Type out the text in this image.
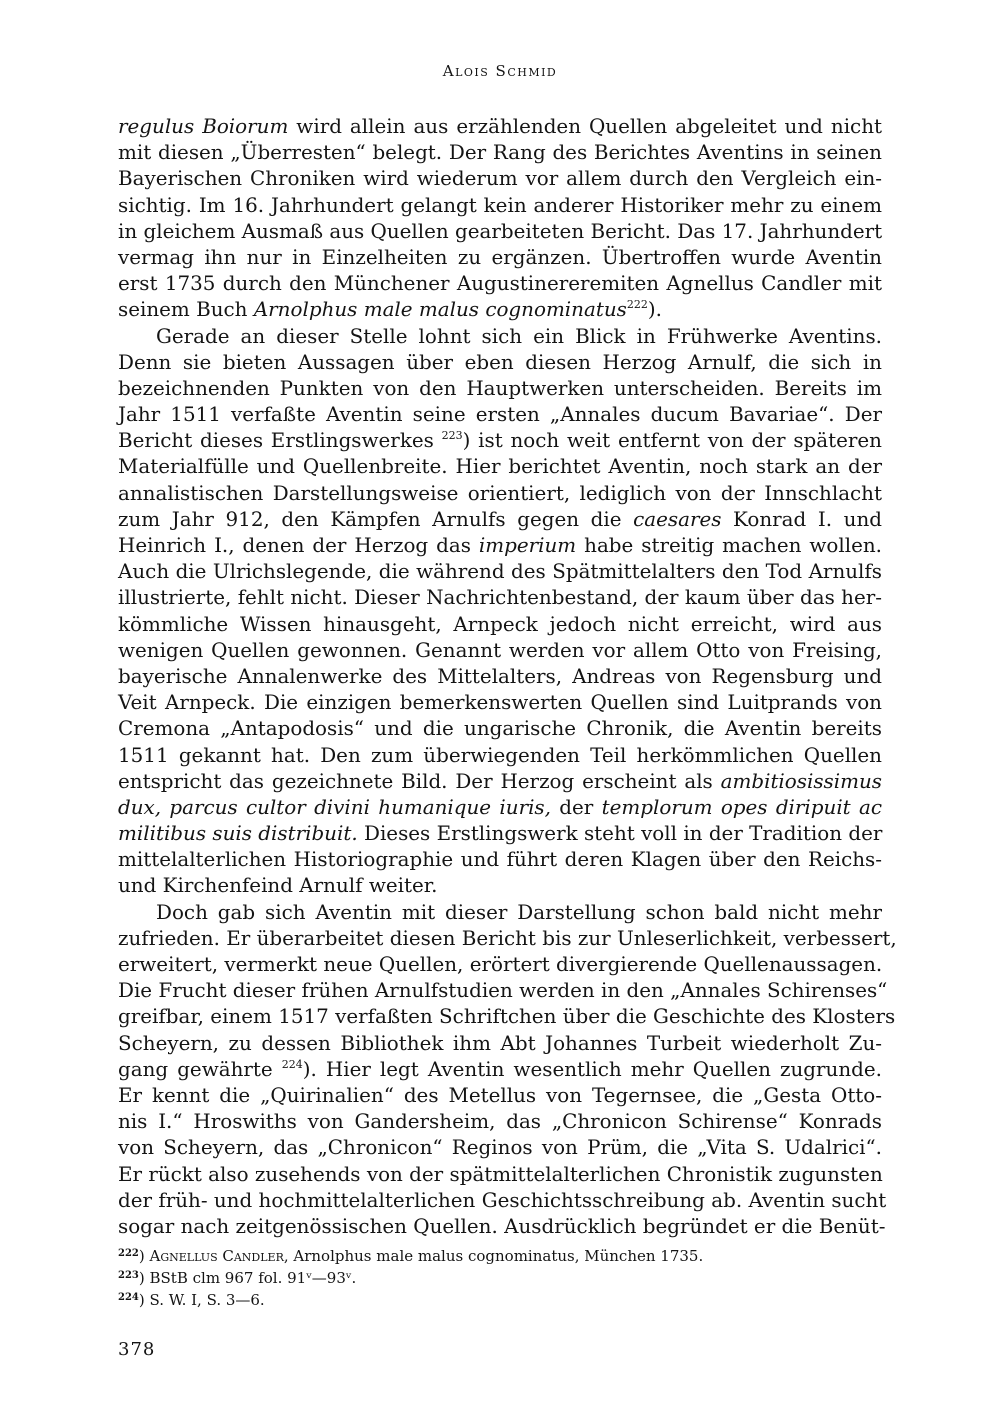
Alois Schmid
regulus Boiorum wird allein aus erzählenden Quellen abgeleitet und nicht
mit diesen „Überresten“ belegt. Der Rang des Berichtes Aventins in seinen
Bayerischen Chroniken wird wiederum vor allem durch den Vergleich ein-
sichtig. Im 16. Jahrhundert gelangt kein anderer Historiker mehr zu einem
in gleichem Ausmaß aus Quellen gearbeiteten Bericht. Das 17. Jahrhundert
vermag ihn nur in Einzelheiten zu ergänzen. Übertroffen wurde Aventin
erst 1735 durch den Münchener Augustinereremiten Agnellus Candler mit
seinem Buch Arnolphus male malus cognominatus$^{222}$).
Gerade an dieser Stelle lohnt sich ein Blick in Frühwerke Aventins.
Denn sie bieten Aussagen über eben diesen Herzog Arnulf, die sich in
bezeichnenden Punkten von den Hauptwerken unterscheiden. Bereits im
Jahr 1511 verfaßte Aventin seine ersten „Annales ducum Bavariae“. Der
Bericht dieses Erstlingswerkes $^{223}$) ist noch weit entfernt von der späteren
Materialfülle und Quellenbreite. Hier berichtet Aventin, noch stark an der
annalistischen Darstellungsweise orientiert, lediglich von der Innschlacht
zum Jahr 912, den Kämpfen Arnulfs gegen die caesares Konrad I. und
Heinrich I., denen der Herzog das imperium habe streitig machen wollen.
Auch die Ulrichslegende, die während des Spätmittelalters den Tod Arnulfs
illustrierte, fehlt nicht. Dieser Nachrichtenbestand, der kaum über das her-
kömmliche Wissen hinausgeht, Arnpeck jedoch nicht erreicht, wird aus
wenigen Quellen gewonnen. Genannt werden vor allem Otto von Freising,
bayerische Annalenwerke des Mittelalters, Andreas von Regensburg und
Veit Arnpeck. Die einzigen bemerkenswerten Quellen sind Luitprands von
Cremona „Antapodosis“ und die ungarische Chronik, die Aventin bereits
1511 gekannt hat. Den zum überwiegenden Teil herkömmlichen Quellen
entspricht das gezeichnete Bild. Der Herzog erscheint als ambitiosissimus
dux, parcus cultor divini humanique iuris, der templorum opes diripuit ac
militibus suis distribuit. Dieses Erstlingswerk steht voll in der Tradition der
mittelalterlichen Historiographie und führt deren Klagen über den Reichs-
und Kirchenfeind Arnulf weiter.
Doch gab sich Aventin mit dieser Darstellung schon bald nicht mehr
zufrieden. Er überarbeitet diesen Bericht bis zur Unleserlichkeit, verbessert,
erweitert, vermerkt neue Quellen, erörtert divergierende Quellenaussagen.
Die Frucht dieser frühen Arnulfstudien werden in den „Annales Schirenses“
greifbar, einem 1517 verfaßten Schriftchen über die Geschichte des Klosters
Scheyern, zu dessen Bibliothek ihm Abt Johannes Turbeit wiederholt Zu-
gang gewährte $^{224}$). Hier legt Aventin wesentlich mehr Quellen zugrunde.
Er kennt die „Quirinalien“ des Metellus von Tegernsee, die „Gesta Otto-
nis I.“ Hroswiths von Gandersheim, das „Chronicon Schirense“ Konrads
von Scheyern, das „Chronicon“ Reginos von Prüm, die „Vita S. Udalrici“.
Er rückt also zusehends von der spätmittelalterlichen Chronistik zugunsten
der früh- und hochmittelalterlichen Geschichtsschreibung ab. Aventin sucht
sogar nach zeitgenössischen Quellen. Ausdrücklich begründet er die Benüt-
$^{222}$) Agnellus Candler, Arnolphus male malus cognominatus, München 1735.
$^{223}$) BStB clm 967 fol. 91ᵛ—93ᵛ.
$^{224}$) S. W. I, S. 3—6.
378
